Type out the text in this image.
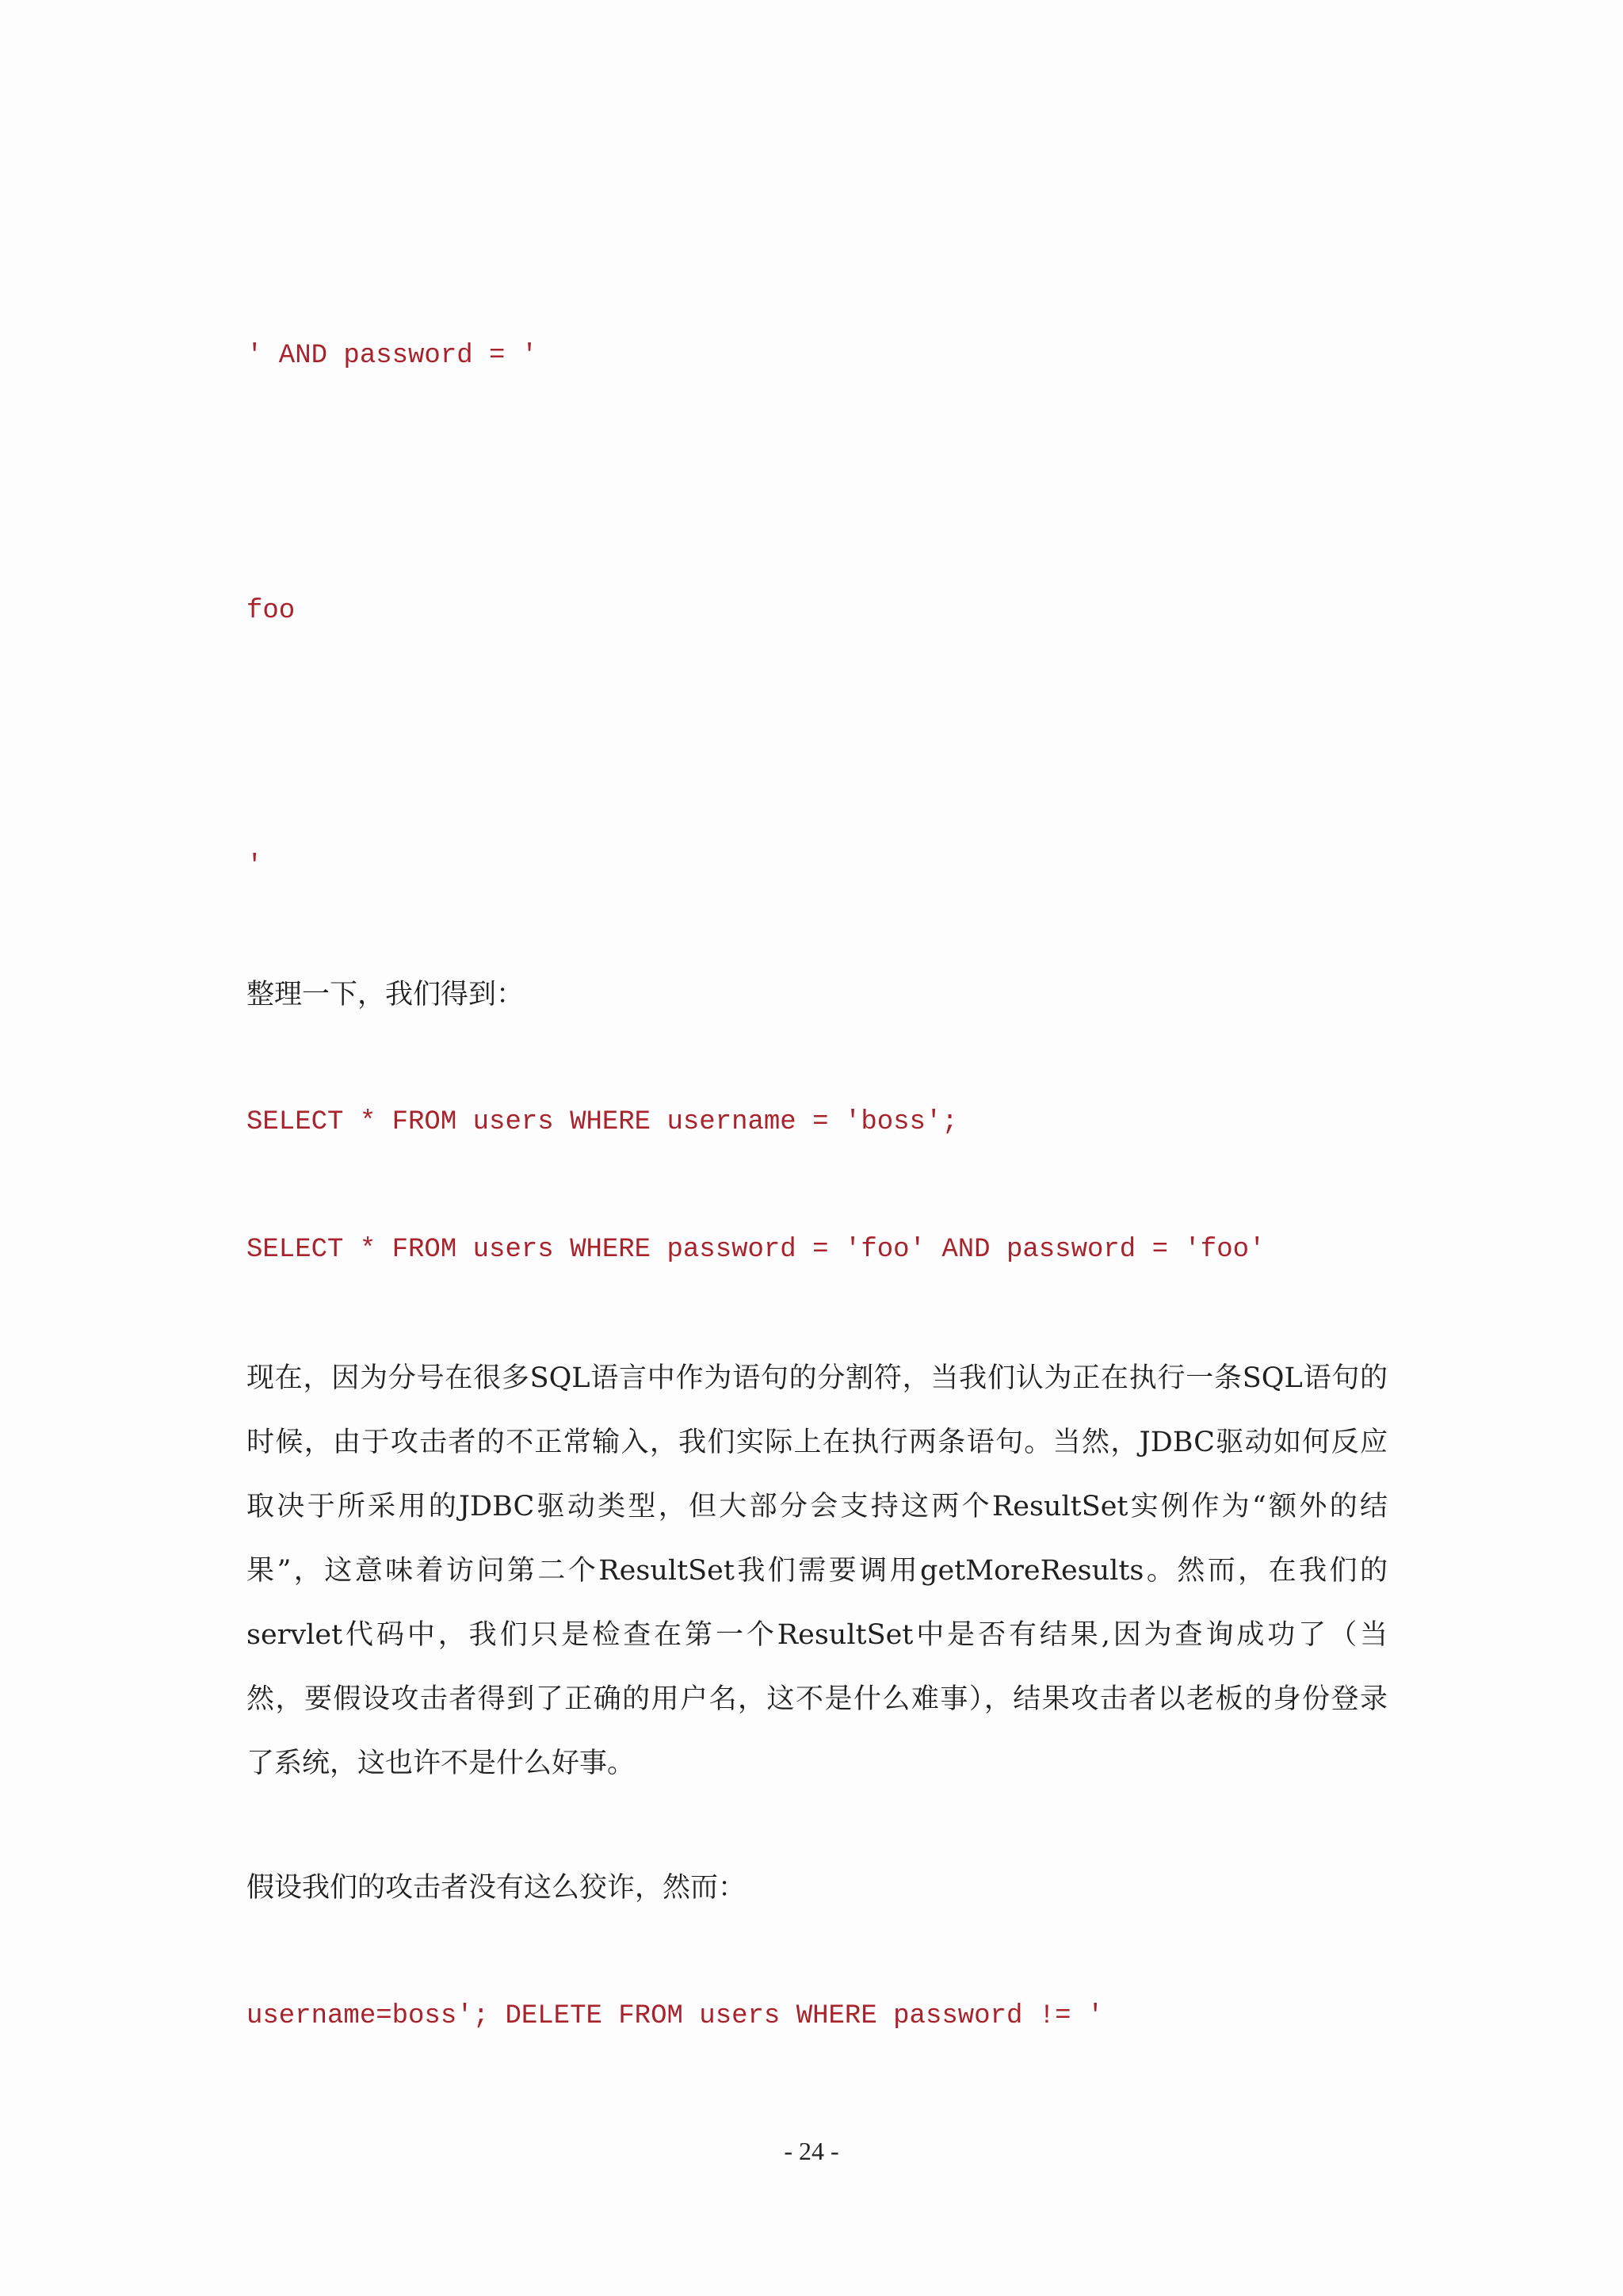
' AND password = '
foo
'
整理一下，我们得到：
SELECT * FROM users WHERE username = 'boss';
SELECT * FROM users WHERE password = 'foo' AND password = 'foo'
现在，因为分号在很多SQL语言中作为语句的分割符，当我们认为正在执行一条SQL语句的
时候，由于攻击者的不正常输入，我们实际上在执行两条语句。当然，JDBC驱动如何反应
取决于所采用的JDBC驱动类型，但大部分会支持这两个ResultSet实例作为“额外的结
果”，这意味着访问第二个ResultSet我们需要调用getMoreResults。然而，在我们的
servlet代码中，我们只是检查在第一个ResultSet中是否有结果,因为查询成功了（当
然，要假设攻击者得到了正确的用户名，这不是什么难事），结果攻击者以老板的身份登录
了系统，这也许不是什么好事。
假设我们的攻击者没有这么狡诈，然而：
username=boss'; DELETE FROM users WHERE password != '
- 24 -
